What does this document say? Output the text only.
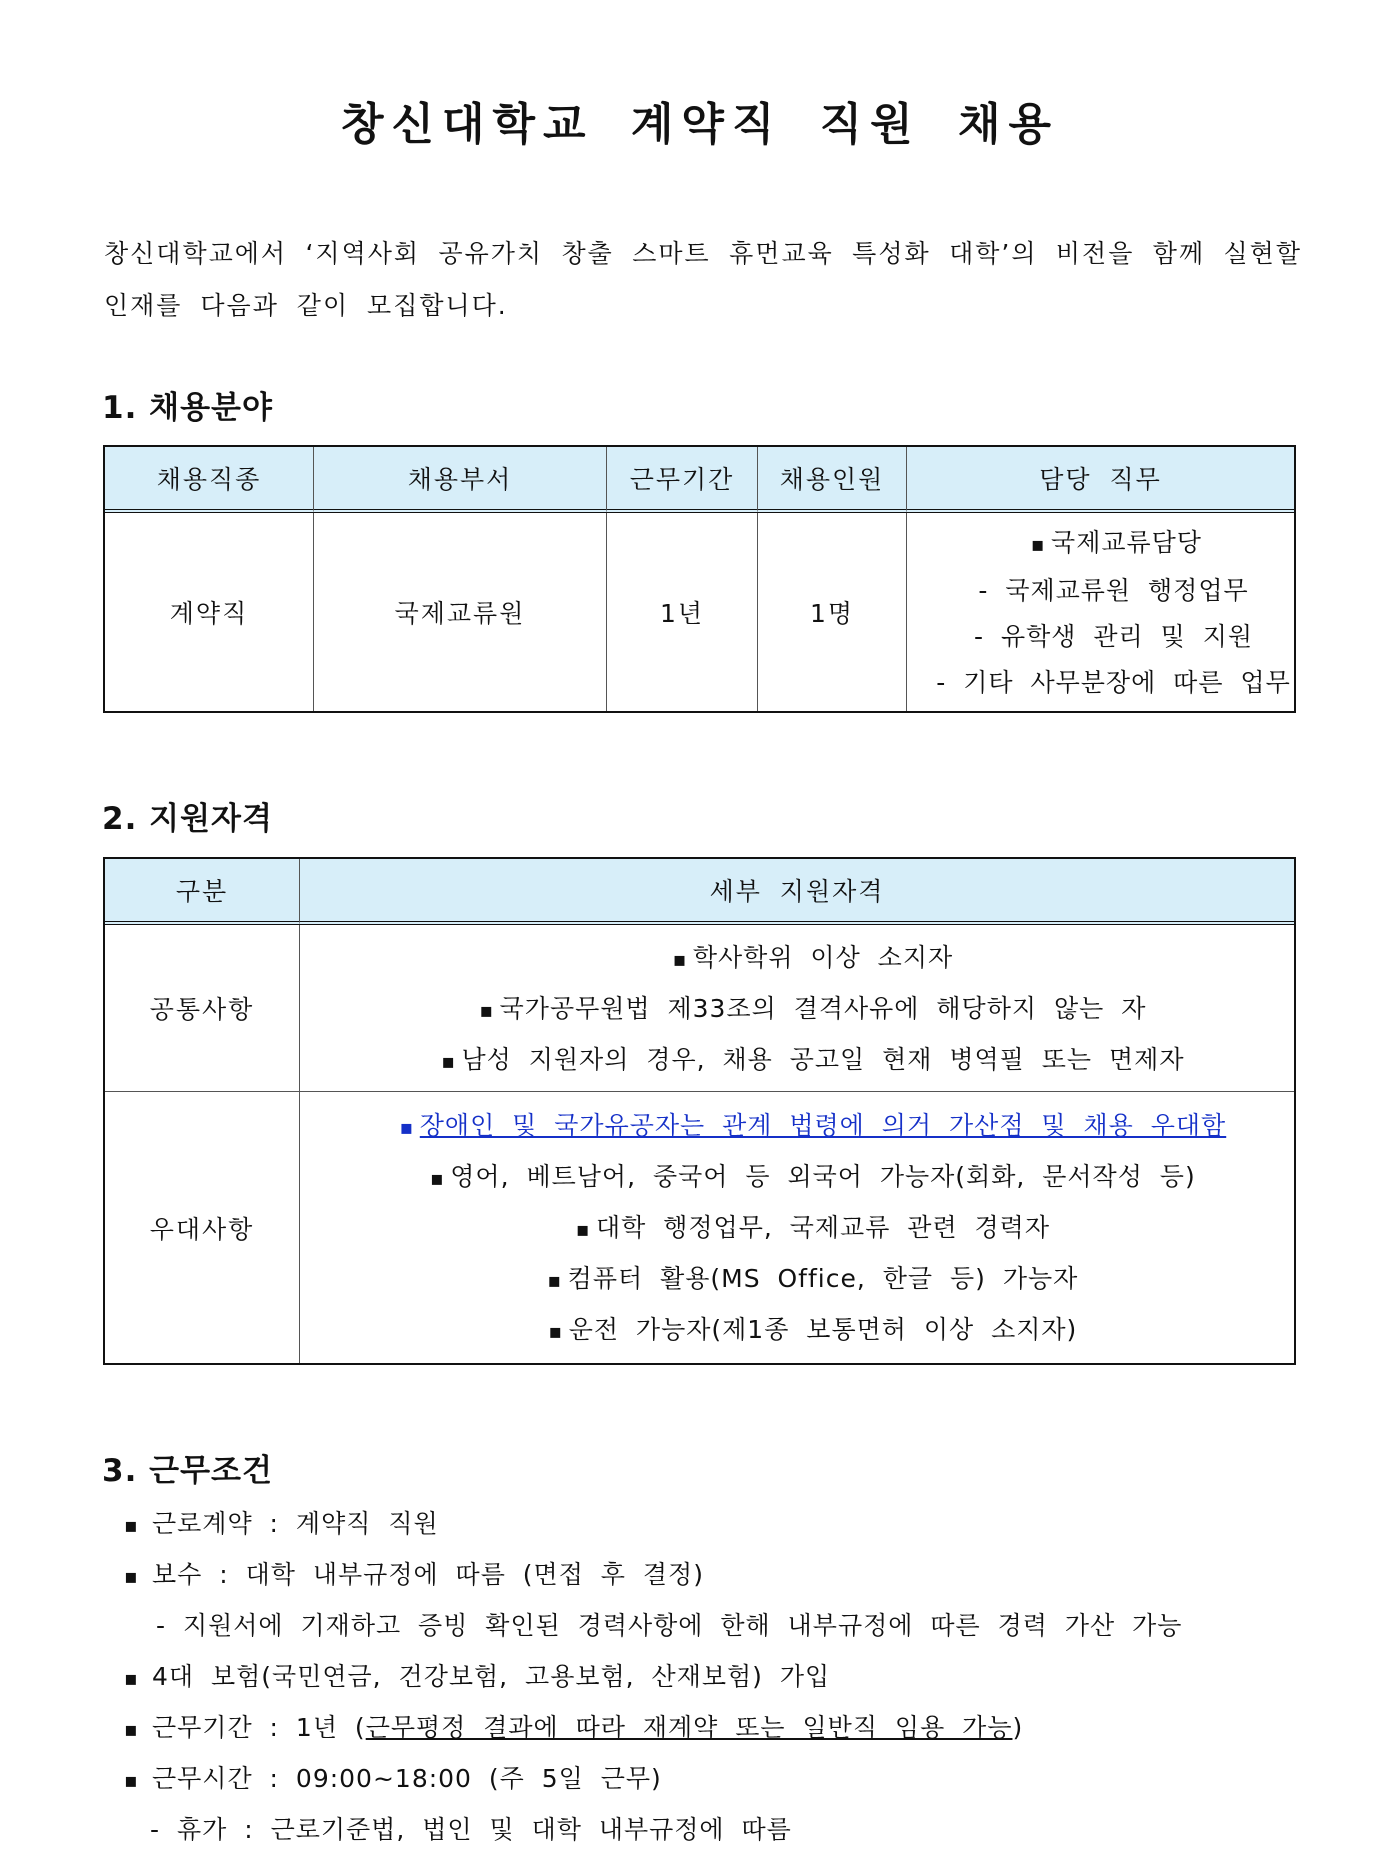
창신대학교 계약직 직원 채용

창신대학교에서 ‘지역사회 공유가치 창출 스마트 휴먼교육 특성화 대학’의 비전을 함께 실현할 인재를 다음과 같이 모집합니다.

1. 채용분야
채용직종	채용부서	근무기간	채용인원	담당 직무
계약직	국제교류원	1년	1명	▪ 국제교류담당
- 국제교류원 행정업무
- 유학생 관리 및 지원
- 기타 사무분장에 따른 업무
2. 지원자격
구분	세부 지원자격
공통사항	▪ 학사학위 이상 소지자
▪ 국가공무원법 제33조의 결격사유에 해당하지 않는 자
▪ 남성 지원자의 경우, 채용 공고일 현재 병역필 또는 면제자

우대사항	▪ 장애인 및 국가유공자는 관계 법령에 의거 가산점 및 채용 우대함
▪ 영어, 베트남어, 중국어 등 외국어 가능자(회화, 문서작성 등)
▪ 대학 행정업무, 국제교류 관련 경력자
▪ 컴퓨터 활용(MS Office, 한글 등) 가능자
▪ 운전 가능자(제1종 보통면허 이상 소지자)
3. 근무조건
▪ 근로계약 : 계약직 직원
▪ 보수 : 대학 내부규정에 따름 (면접 후 결정)
- 지원서에 기재하고 증빙 확인된 경력사항에 한해 내부규정에 따른 경력 가산 가능
▪ 4대 보험(국민연금, 건강보험, 고용보험, 산재보험) 가입
▪ 근무기간 : 1년 (근무평정 결과에 따라 재계약 또는 일반직 임용 가능)
▪ 근무시간 : 09:00~18:00 (주 5일 근무)
- 휴가 : 근로기준법, 법인 및 대학 내부규정에 따름
